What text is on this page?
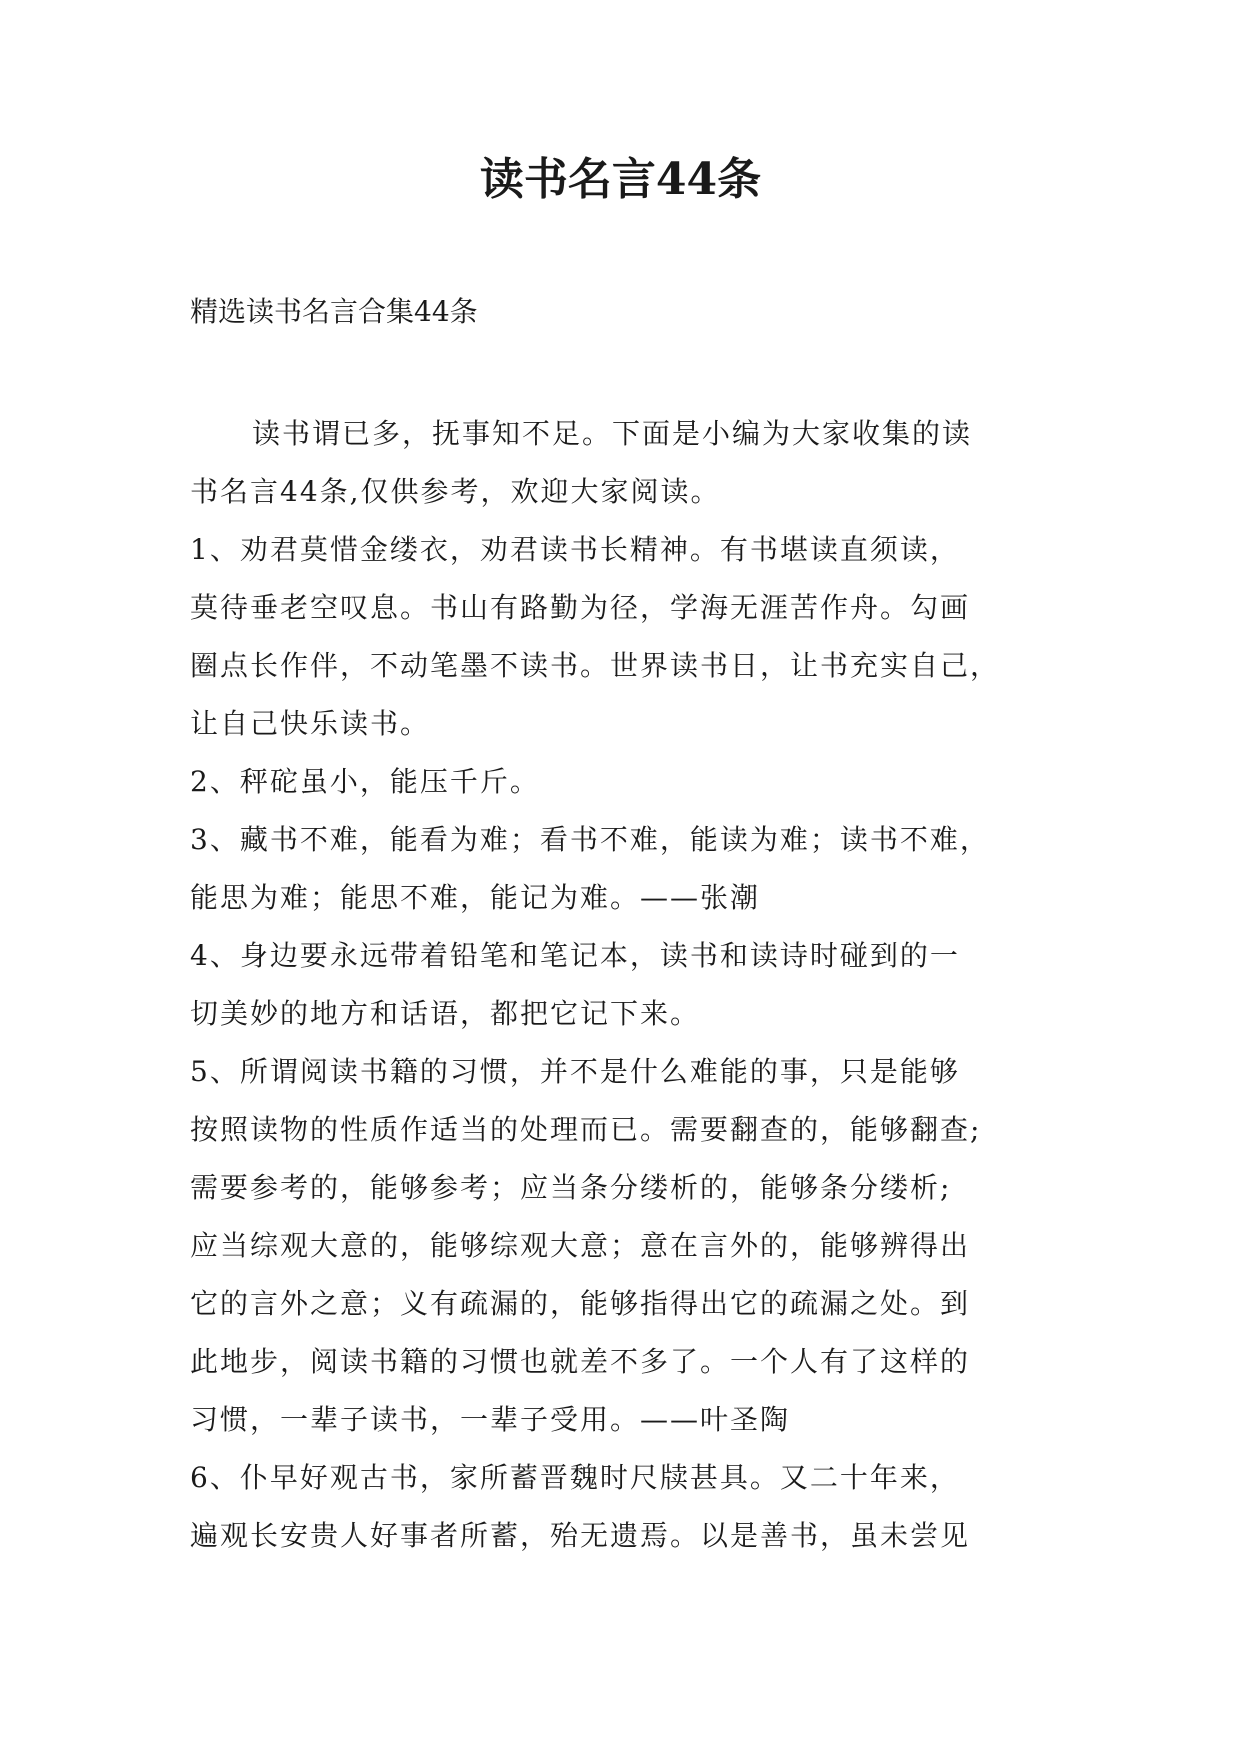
读书名言44条

精选读书名言合集44条

读书谓已多，抚事知不足。下面是小编为大家收集的读
书名言44条,仅供参考，欢迎大家阅读。
1、劝君莫惜金缕衣，劝君读书长精神。有书堪读直须读，
莫待垂老空叹息。书山有路勤为径，学海无涯苦作舟。勾画
圈点长作伴，不动笔墨不读书。世界读书日，让书充实自己，
让自己快乐读书。
2、秤砣虽小，能压千斤。
3、藏书不难，能看为难；看书不难，能读为难；读书不难，
能思为难；能思不难，能记为难。——张潮
4、身边要永远带着铅笔和笔记本，读书和读诗时碰到的一
切美妙的地方和话语，都把它记下来。
5、所谓阅读书籍的习惯，并不是什么难能的事，只是能够
按照读物的性质作适当的处理而已。需要翻查的，能够翻查;
需要参考的，能够参考；应当条分缕析的，能够条分缕析;
应当综观大意的，能够综观大意；意在言外的，能够辨得出
它的言外之意；义有疏漏的，能够指得出它的疏漏之处。到
此地步，阅读书籍的习惯也就差不多了。一个人有了这样的
习惯，一辈子读书，一辈子受用。——叶圣陶
6、仆早好观古书，家所蓄晋魏时尺牍甚具。又二十年来，
遍观长安贵人好事者所蓄，殆无遗焉。以是善书，虽未尝见
